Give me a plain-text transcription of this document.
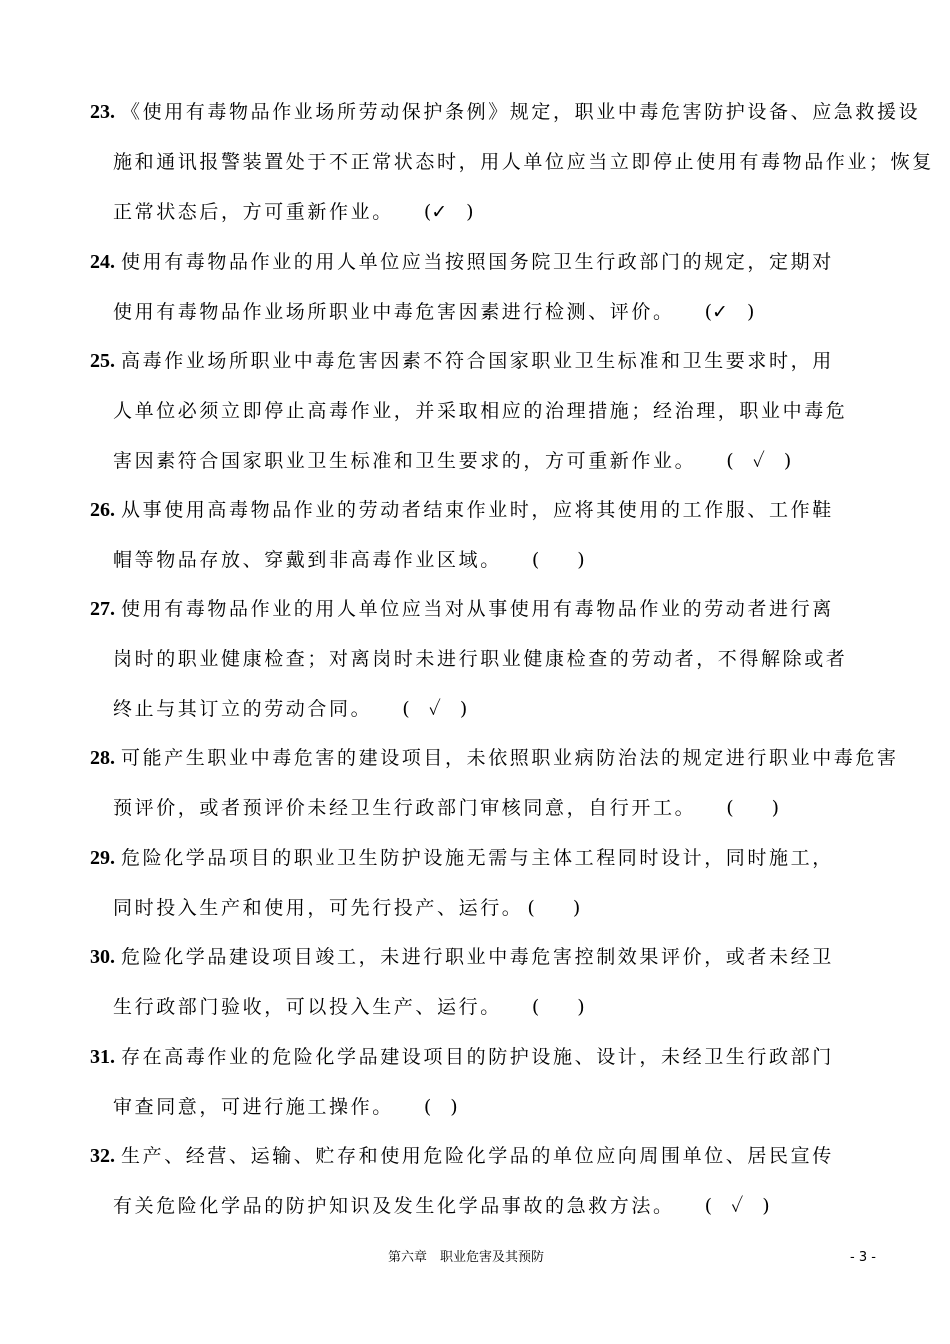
23. 《使用有毒物品作业场所劳动保护条例》规定，职业中毒危害防护设备、应急救援设
施和通讯报警装置处于不正常状态时，用人单位应当立即停止使用有毒物品作业；恢复
正常状态后，方可重新作业。 (✓　)
24. 使用有毒物品作业的用人单位应当按照国务院卫生行政部门的规定，定期对
使用有毒物品作业场所职业中毒危害因素进行检测、评价。 (✓　)
25. 高毒作业场所职业中毒危害因素不符合国家职业卫生标准和卫生要求时，用
人单位必须立即停止高毒作业，并采取相应的治理措施；经治理，职业中毒危
害因素符合国家职业卫生标准和卫生要求的，方可重新作业。 (　✓　)
26. 从事使用高毒物品作业的劳动者结束作业时，应将其使用的工作服、工作鞋
帽等物品存放、穿戴到非高毒作业区域。 (　　)
27. 使用有毒物品作业的用人单位应当对从事使用有毒物品作业的劳动者进行离
岗时的职业健康检查；对离岗时未进行职业健康检查的劳动者，不得解除或者
终止与其订立的劳动合同。 (　✓　)
28. 可能产生职业中毒危害的建设项目，未依照职业病防治法的规定进行职业中毒危害
预评价，或者预评价未经卫生行政部门审核同意，自行开工。 (　　)
29. 危险化学品项目的职业卫生防护设施无需与主体工程同时设计，同时施工，
同时投入生产和使用，可先行投产、运行。 (　　)
30. 危险化学品建设项目竣工，未进行职业中毒危害控制效果评价，或者未经卫
生行政部门验收，可以投入生产、运行。 (　　)
31. 存在高毒作业的危险化学品建设项目的防护设施、设计，未经卫生行政部门
审查同意，可进行施工操作。 (　)
32. 生产、经营、运输、贮存和使用危险化学品的单位应向周围单位、居民宣传
有关危险化学品的防护知识及发生化学品事故的急救方法。 (　✓　)
第六章　职业危害及其预防	- 3 -
